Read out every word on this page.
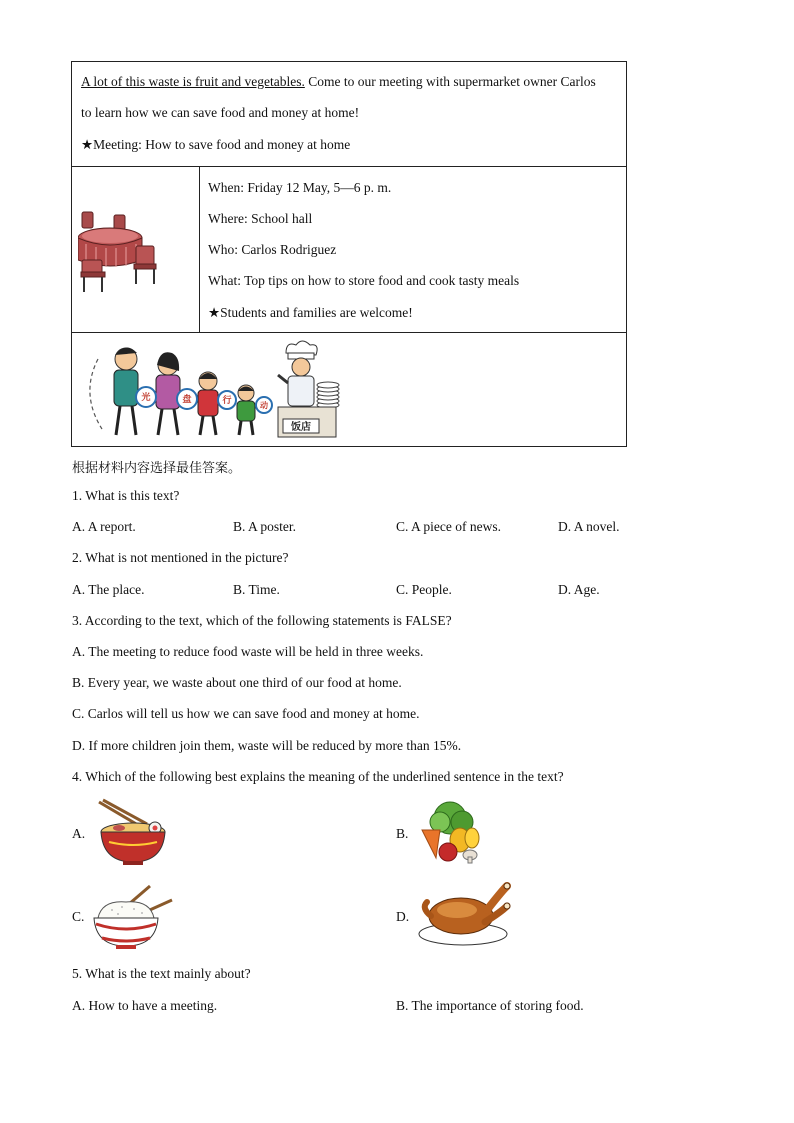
A lot of this waste is fruit and vegetables. Come to our meeting with supermarket owner Carlos
to learn how we can save food and money at home!
★Meeting: How to save food and money at home
When: Friday 12 May, 5—6 p. m.
Where: School hall
Who: Carlos Rodriguez
What: Top tips on how to store food and cook tasty meals
★Students and families are welcome!
光	盘	行	动
饭店
根据材料内容选择最佳答案。
1. What is this text?
A. A report.	B. A poster.	C. A piece of news.	D. A novel.
2. What is not mentioned in the picture?
A. The place.	B. Time.	C. People.	D. Age.
3. According to the text, which of the following statements is FALSE?
A. The meeting to reduce food waste will be held in three weeks.
B. Every year, we waste about one third of our food at home.
C. Carlos will tell us how we can save food and money at home.
D. If more children join them, waste will be reduced by more than 15%.
4. Which of the following best explains the meaning of the underlined sentence in the text?
A.	B.
C.	D.
5. What is the text mainly about?
A. How to have a meeting.	B. The importance of storing food.
